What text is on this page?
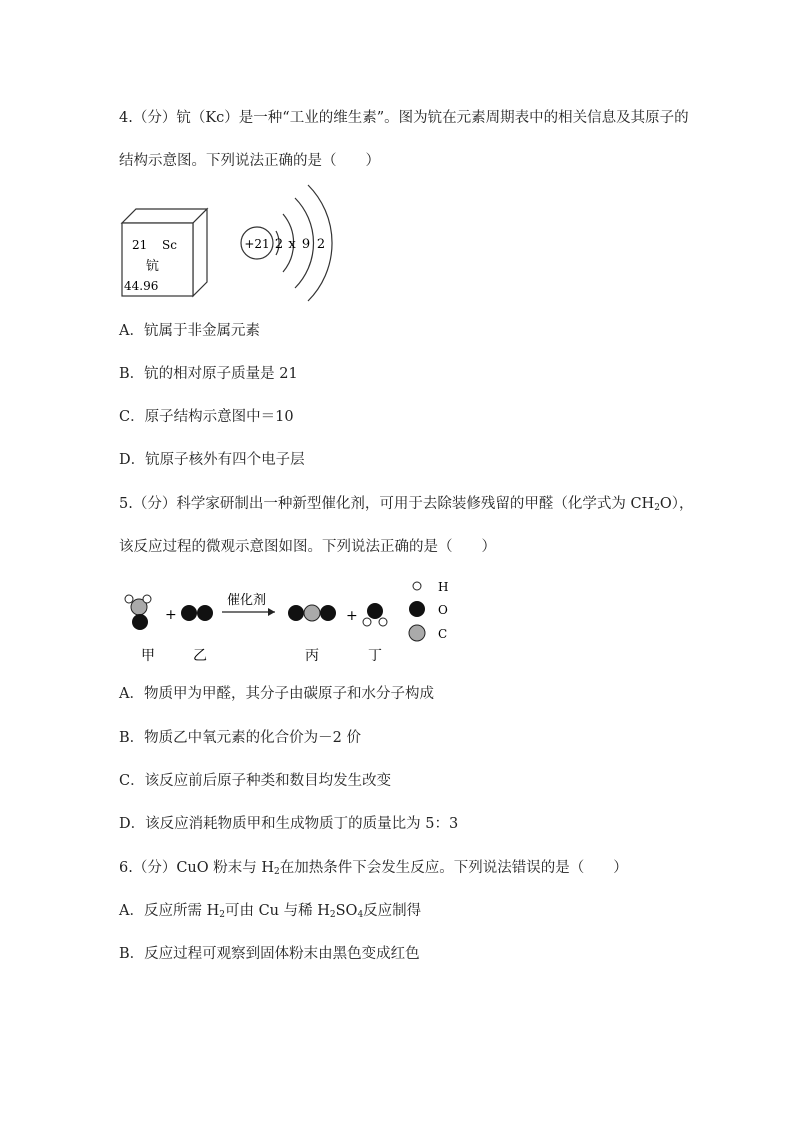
4.（分）钪（Kc）是一种“工业的维生素”。图为钪在元素周期表中的相关信息及其原子的
结构示意图。下列说法正确的是（　　）
21 Sc
钪
44.96
+21 2 x 9 2
A．钪属于非金属元素
B．钪的相对原子质量是 21
C．原子结构示意图中＝10
D．钪原子核外有四个电子层
5.（分）科学家研制出一种新型催化剂，可用于去除装修残留的甲醛（化学式为 $CH_2O$），
该反应过程的微观示意图如图。下列说法正确的是（　　）
+
催化剂
+
H
O
C
甲	乙	丙	丁
A．物质甲为甲醛，其分子由碳原子和水分子构成
B．物质乙中氧元素的化合价为－2 价
C．该反应前后原子种类和数目均发生改变
D．该反应消耗物质甲和生成物质丁的质量比为 5：3
6.（分）CuO 粉末与 $H_2$在加热条件下会发生反应。下列说法错误的是（　　）
A．反应所需 $H_2$可由 Cu 与稀 $H_2SO_4$反应制得
B．反应过程可观察到固体粉末由黑色变成红色
